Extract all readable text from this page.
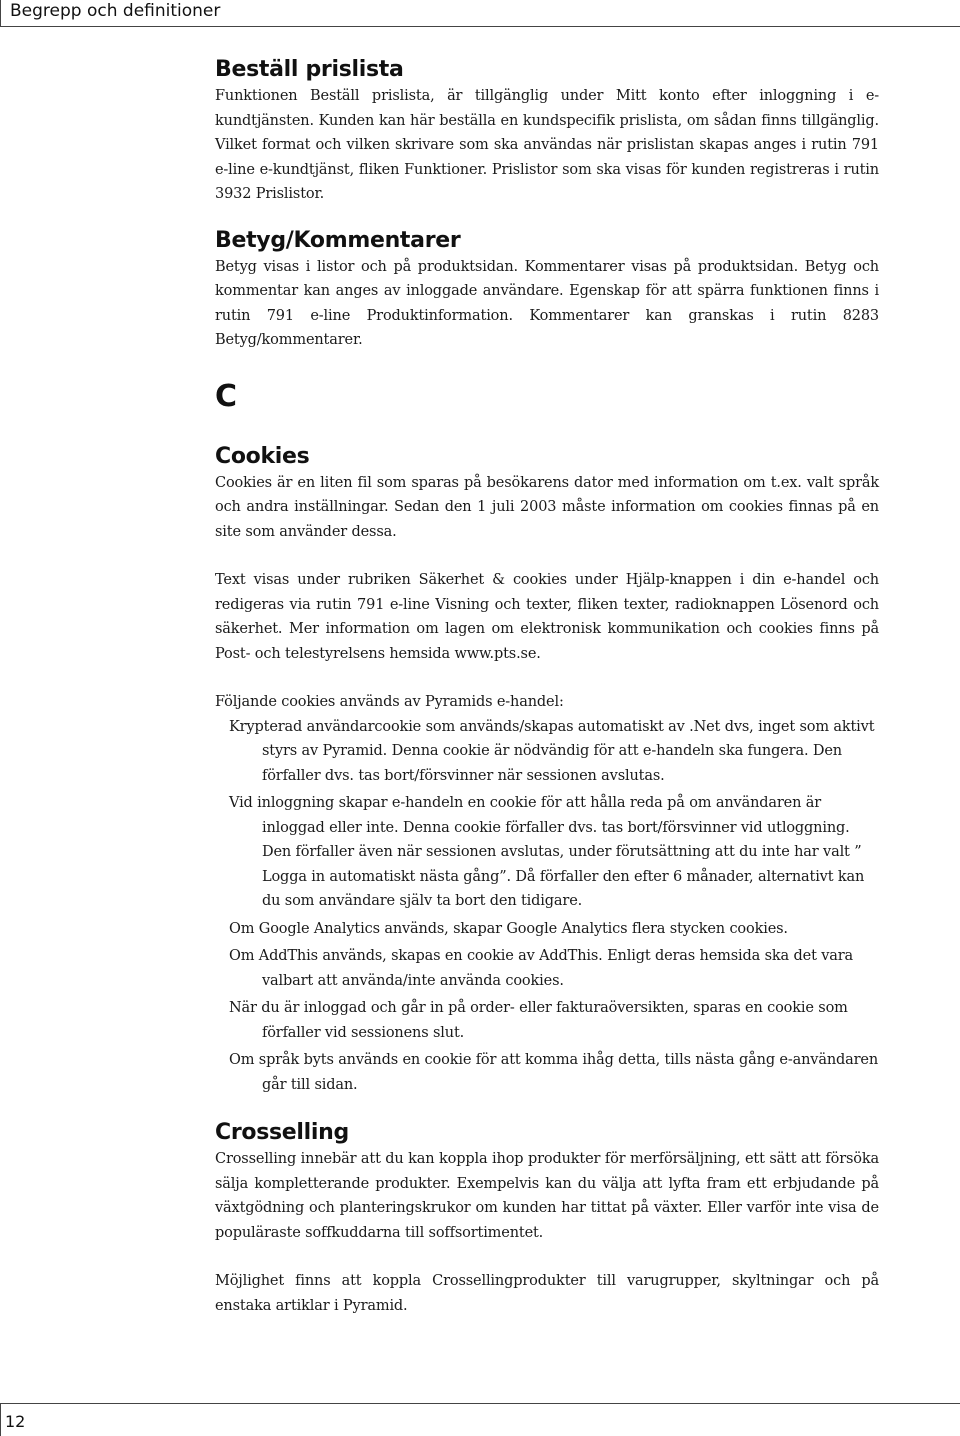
Begrepp och definitioner
Beställ prislista

Funktionen Beställ prislista, är tillgänglig under Mitt konto efter inloggning i e-kundtjänsten. Kunden kan här beställa en kundspecifik prislista, om sådan finns tillgänglig. Vilket format och vilken skrivare som ska användas när prislistan skapas anges i rutin 791 e-line e-kundtjänst, fliken Funktioner. Prislistor som ska visas för kunden registreras i rutin 3932 Prislistor.

Betyg/Kommentarer

Betyg visas i listor och på produktsidan. Kommentarer visas på produktsidan. Betyg och kommentar kan anges av inloggade användare. Egenskap för att spärra funktionen finns i rutin 791 e-line Produktinformation. Kommentarer kan granskas i rutin 8283 Betyg/kommentarer.

C
Cookies

Cookies är en liten fil som sparas på besökarens dator med information om t.ex. valt språk och andra inställningar. Sedan den 1 juli 2003 måste information om cookies finnas på en site som använder dessa.

Text visas under rubriken Säkerhet & cookies under Hjälp-knappen i din e-handel och redigeras via rutin 791 e-line Visning och texter, fliken texter, radioknappen Lösenord och säkerhet. Mer information om lagen om elektronisk kommunikation och cookies finns på Post- och telestyrelsens hemsida www.pts.se.

Följande cookies används av Pyramids e-handel:

Krypterad användarcookie som används/skapas automatiskt av .Net dvs, inget som aktivt styrs av Pyramid. Denna cookie är nödvändig för att e-handeln ska fungera. Den förfaller dvs. tas bort/försvinner när sessionen avslutas.
Vid inloggning skapar e-handeln en cookie för att hålla reda på om användaren är inloggad eller inte. Denna cookie förfaller dvs. tas bort/försvinner vid utloggning. Den förfaller även när sessionen avslutas, under förutsättning att du inte har valt ” Logga in automatiskt nästa gång”. Då förfaller den efter 6 månader, alternativt kan du som användare själv ta bort den tidigare.
Om Google Analytics används, skapar Google Analytics flera stycken cookies.
Om AddThis används, skapas en cookie av AddThis. Enligt deras hemsida ska det vara valbart att använda/inte använda cookies.
När du är inloggad och går in på order- eller fakturaöversikten, sparas en cookie som förfaller vid sessionens slut.
Om språk byts används en cookie för att komma ihåg detta, tills nästa gång e-användaren går till sidan.
Crosselling

Crosselling innebär att du kan koppla ihop produkter för merförsäljning, ett sätt att försöka sälja kompletterande produkter. Exempelvis kan du välja att lyfta fram ett erbjudande på växtgödning och planteringskrukor om kunden har tittat på växter. Eller varför inte visa de populäraste soffkuddarna till soffsortimentet.

Möjlighet finns att koppla Crossellingprodukter till varugrupper, skyltningar och på enstaka artiklar i Pyramid.

12
